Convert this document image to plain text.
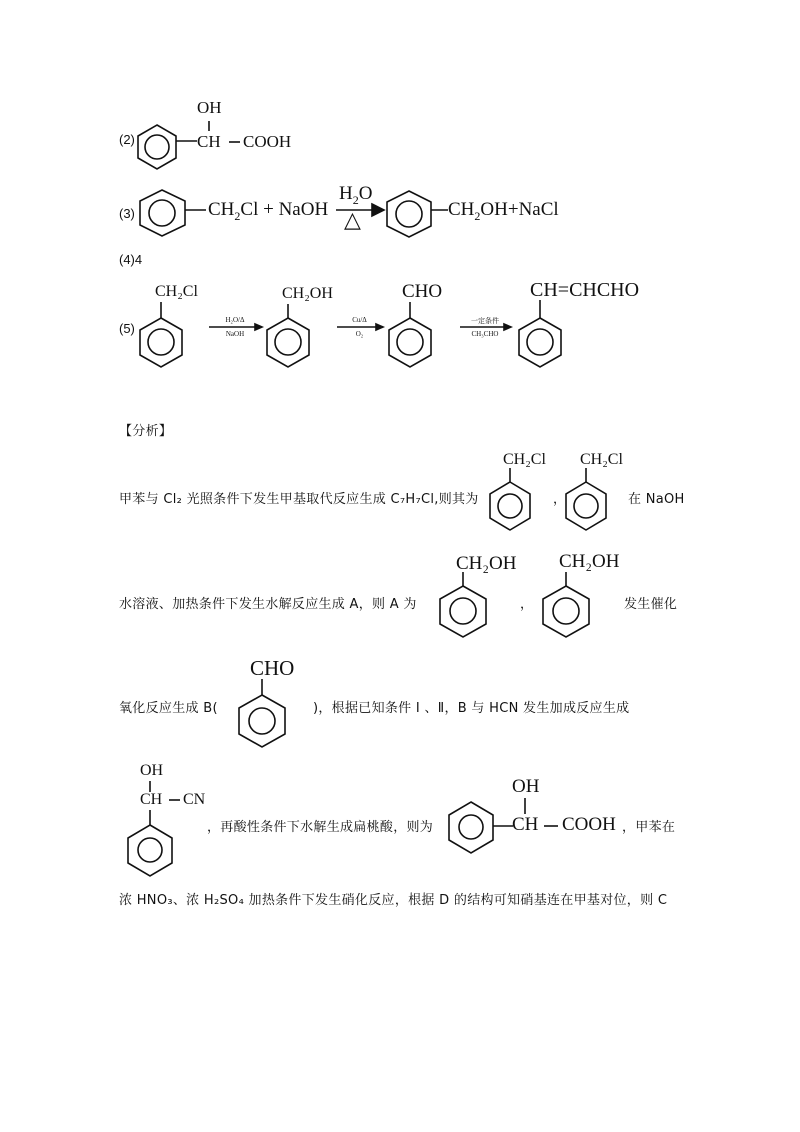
(2)
OH
CH COOH
(3)	$CH_2Cl$ + NaOH
$H_2O$
△	$CH_2OH+NaCl$
(4)4
(5)
CH₂Cl
H₂O/Δ
NaOH
CH₂OH
Cu/Δ
O₂
CHO
一定条件
CH₃CHO
CH=CHCHO
【分析】
甲苯与 Cl₂ 光照条件下发生甲基取代反应生成 C₇H₇Cl,则其为
CH₂Cl
，
CH₂Cl
在 NaOH
水溶液、加热条件下发生水解反应生成 A，则 A 为
CH₂OH
，
CH₂OH
发生催化
氧化反应生成 B(
CHO
)，根据已知条件 Ⅰ 、Ⅱ，B 与 HCN 发生加成反应生成
OH
CH CN
，再酸性条件下水解生成扁桃酸，则为
OH
CH COOH ，甲苯在
浓 HNO₃、浓 H₂SO₄ 加热条件下发生硝化反应，根据 D 的结构可知硝基连在甲基对位，则 C
